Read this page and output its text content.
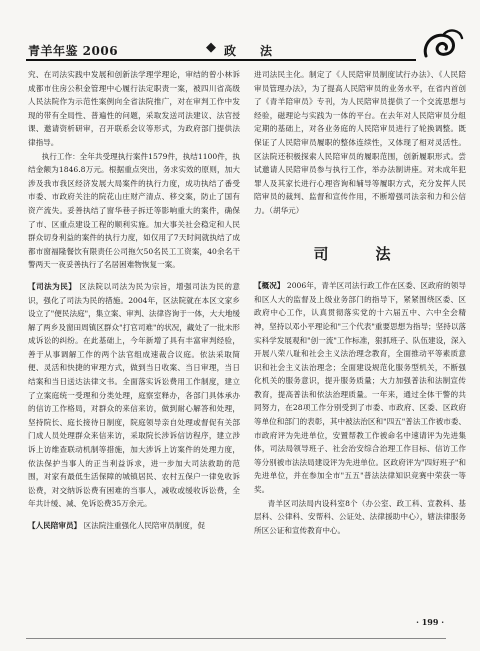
青羊年鉴 2006	◆ 政　法

究、在司法实践中发展和创新法学理学理论，审结的曾小林诉成都市住房公积金管理中心履行法定职责一案，被四川省高级人民法院作为示范性案例向全省法院推广，对在审判工作中发现的带有全局性、普遍性的问题，采取发送司法建议、法官授课、邀请资析研审，召开联系会议等形式，为政府部门提供法律指导。

执行工作：全年共受理执行案件1579件，执结1100件，执结金额为1846.8万元。根据重点突出，务求实效的原则，加大涉及我市我区经济发展大局案件的执行力度，成功执结了番受市委、市政府关注的院花山庄财产清点、移交案，防止了国有资产流失。妥善执结了窗华巷子拆迁等影响重大的案件，确保了市、区重点建设工程的顺利实施。加大事关社会稳定和人民群众切身利益的案件的执行力度，如仅用了7天时间就执结了成都市窗福隆餐饮有限责任公司拖欠50名民工工资案，40余名干警两天一夜妥善执行了名居困难物恢复一案。

【司法为民】 区法院以司法为民为宗旨，增强司法为民的意识，强化了司法为民的措施。2004年，区法院就在本区文家乡设立了"便民法庭"，集立案、审判、法律咨询于一体，大大地缓解了两乡及窗田周镇区群众"打官司难"的状况，藏处了一批未形成诉讼的纠纷。在此基础上，今年新增了具有丰富审判经验，善于从事调解工作的两个法官组成速裁合议庭。依法采取简便、灵活和快捷的审理方式，做到当日收案、当日审理，当日结案和当日送达法律文书。全面落实诉讼费用工作制度，建立了立案庭统一受理和分类处理，庭察室释办，各部门具体承办的信访工作格局，对群众的来信来访，做到耐心解答和处理，坚持院长、庭长接待日制度，院庭领导亲自处理或督促有关部门成人员处理群众来信来访，采取院长涉诉信访程序，建立涉诉上访维查联动机制等措施，加大涉诉上访案件的处理力度，依法保护当事人的正当利益诉求，进一步加大司法救助的范围，对家有最低生活保障的城镇居民、农村五保户一律免收诉讼费，对交纳诉讼费有困难的当事人，减收或缓收诉讼费，全年共计缓、减、免诉讼费35万余元。

【人民陪审员】 区法院注重强化人民陪审员制度，促

进司法民主化。制定了《人民陪审员制度试行办法》、《人民陪审员管理办法》，为了提高人民陪审员的业务水平，在省内首创了《青羊陪审员》专刊，为人民陪审员提供了一个交流思想与经验，磁理论与实践为一体的平台。在去年对人民陪审员分组定期的基础上，对各业务庭的人民陪审员进行了轮换调整。既保证了人民陪审员履职的整体连续性，又体现了相对灵活性。区法院还积极探索人民陪审员的履职范围，创新履职形式。尝试邀请人民陪审员参与执行工作，举办法制讲座。对未成年犯罪人及其家长进行心理咨询和辅导等履职方式，充分发挥人民陪审员的裁判、监督和宣传作用，不断增强司法亲和力和公信力。（胡华元）

司　法

【概况】 2006年，青羊区司法行政工作在区委、区政府的领导和区人大的监督及上级业务部门的指导下，紧紧围绕区委、区政府中心工作，认真贯彻落实党的十六届五中、六中全会精神，坚持以邓小平理论和"三个代表"重要思想为指导；坚持以落实科学发展观和"创一流"工作标准，狠抓班子、队伍建设，深入开展八荣八耻和社会主义法治理念教育，全面推动平等素质意识和社会主义法治理念；全面建设规范化服务型机关，不断强化机关的服务意识，提升服务质量；大力加强普法和法制宣传教育，提高普法和依法治理质量。一年来，通过全体干警的共同努力，在28项工作分别受到了市委、市政府、区委、区政府等单位和部门的表彰，其中被法治区和"四五"普法工作被市委、市政府评为先进单位，安置帮教工作被命名中速请评为先进集体，司法局领导班子、社会治安综合治理工作目标、信访工作等分别被市法法局建设评为先进单位。区政府评为"四好班子"和先进单位，并在参加全市"五五"普法法律知识竞赛中荣获一等奖。

青羊区司法局内设科室8个（办公室、政工科、宣教科、基层科、公律科、安帮科、公证处、法律援助中心），辖法律服务所区公证和宣传教育中心。

· 199 ·
